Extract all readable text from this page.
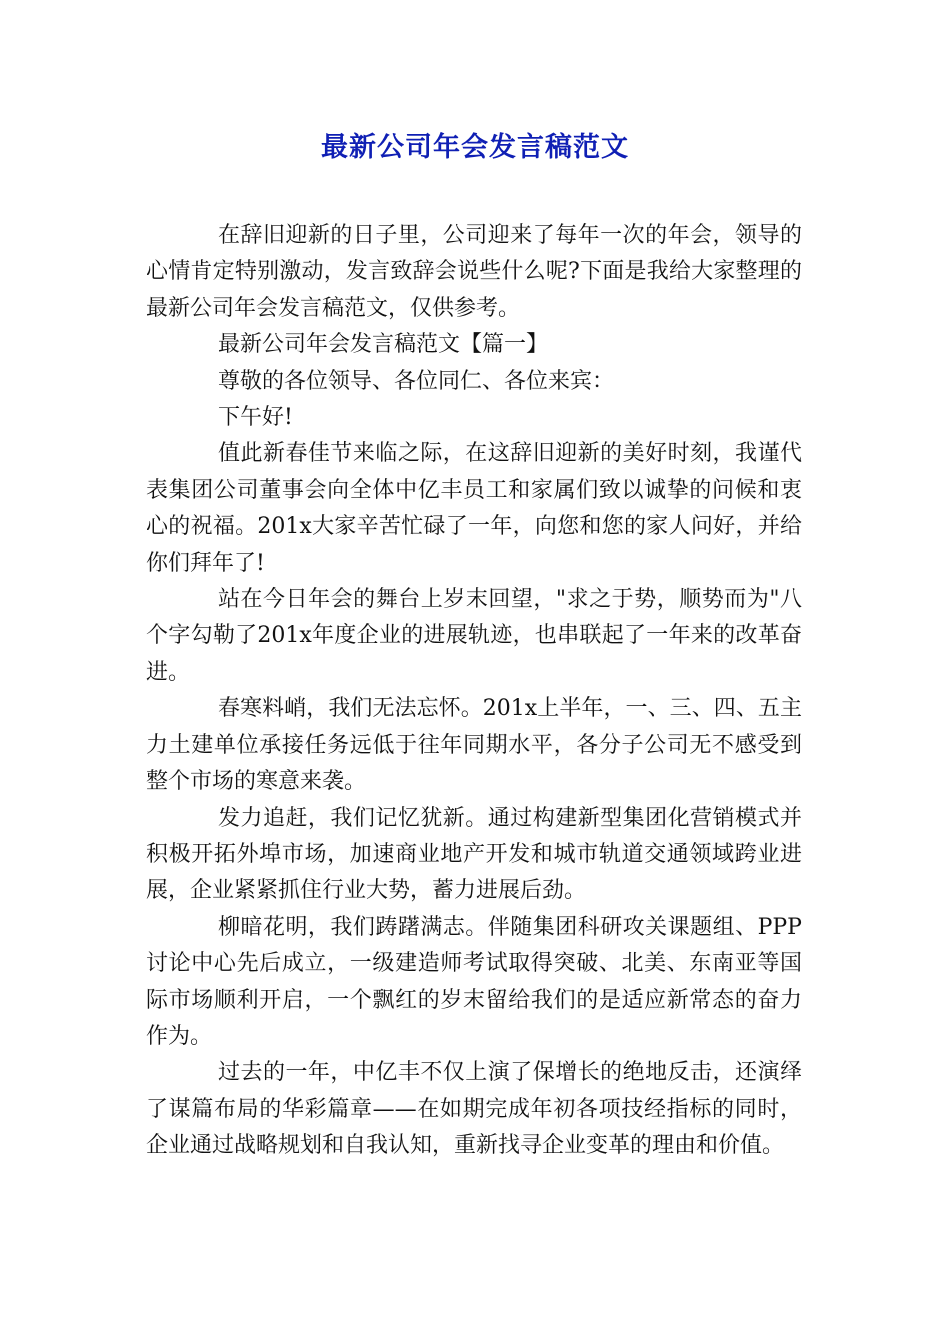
最新公司年会发言稿范文

在辞旧迎新的日子里，公司迎来了每年一次的年会，领导的心情肯定特别激动，发言致辞会说些什么呢?下面是我给大家整理的最新公司年会发言稿范文，仅供参考。

最新公司年会发言稿范文【篇一】

尊敬的各位领导、各位同仁、各位来宾：

下午好!

值此新春佳节来临之际，在这辞旧迎新的美好时刻，我谨代表集团公司董事会向全体中亿丰员工和家属们致以诚挚的问候和衷心的祝福。201x大家辛苦忙碌了一年，向您和您的家人问好，并给你们拜年了!

站在今日年会的舞台上岁末回望，"求之于势，顺势而为"八个字勾勒了201x年度企业的进展轨迹，也串联起了一年来的改革奋进。

春寒料峭，我们无法忘怀。201x上半年，一、三、四、五主力土建单位承接任务远低于往年同期水平，各分子公司无不感受到整个市场的寒意来袭。

发力追赶，我们记忆犹新。通过构建新型集团化营销模式并积极开拓外埠市场，加速商业地产开发和城市轨道交通领域跨业进展，企业紧紧抓住行业大势，蓄力进展后劲。

柳暗花明，我们踌躇满志。伴随集团科研攻关课题组、PPP讨论中心先后成立，一级建造师考试取得突破、北美、东南亚等国际市场顺利开启，一个飘红的岁末留给我们的是适应新常态的奋力作为。

过去的一年，中亿丰不仅上演了保增长的绝地反击，还演绎了谋篇布局的华彩篇章——在如期完成年初各项技经指标的同时，企业通过战略规划和自我认知，重新找寻企业变革的理由和价值。
